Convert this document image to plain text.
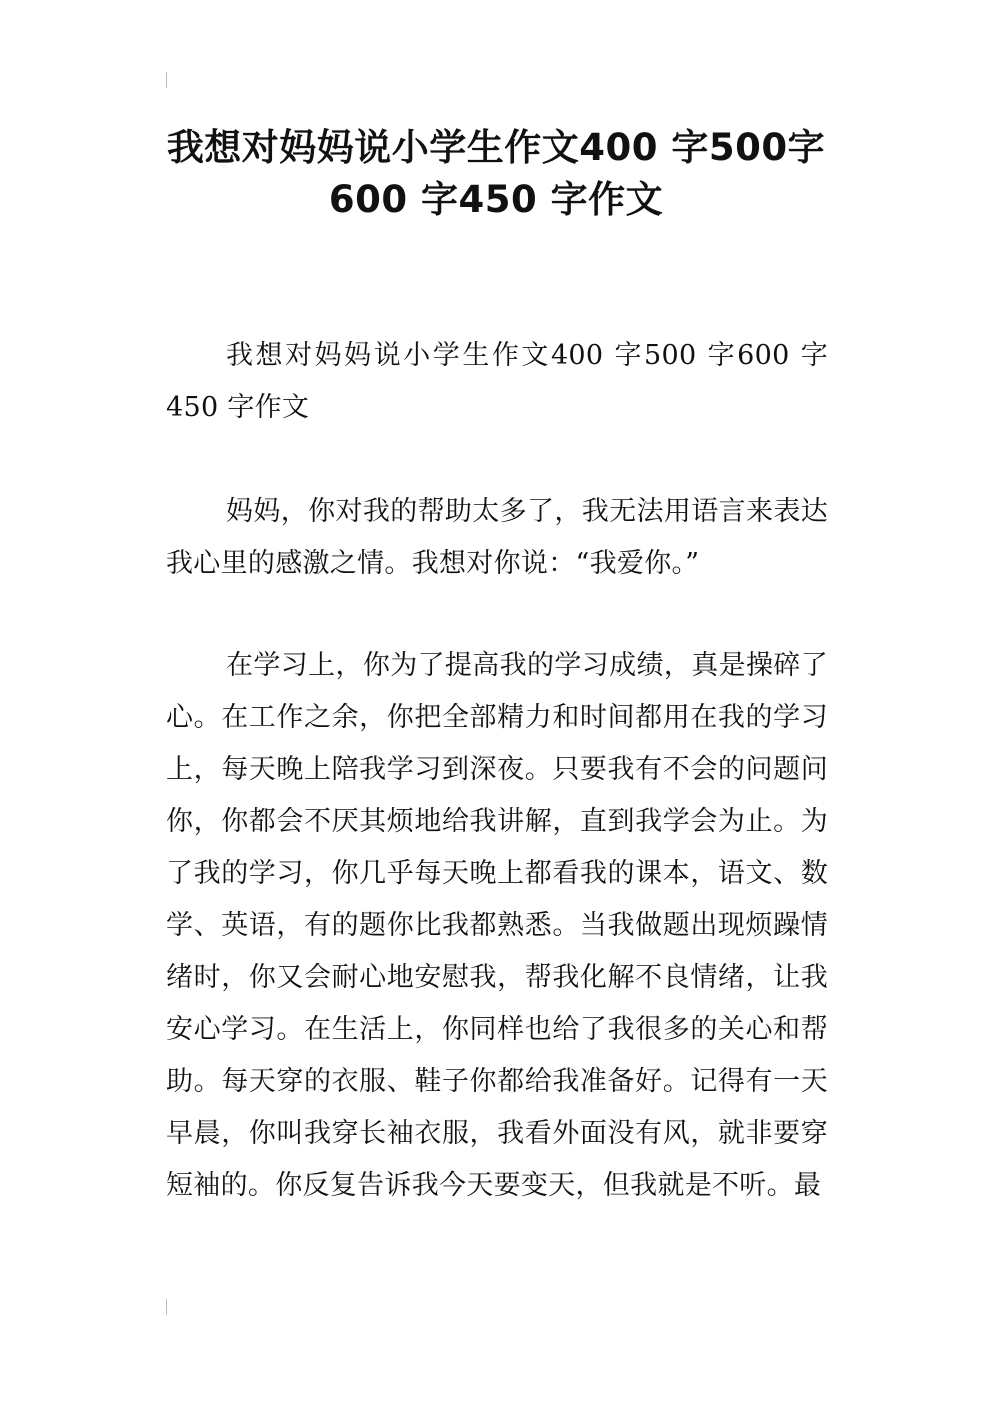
我想对妈妈说小学生作文400 字500字600 字450 字作文

我想对妈妈说小学生作文400 字500 字600 字450 字作文

妈妈，你对我的帮助太多了，我无法用语言来表达我心里的感激之情。我想对你说：“我爱你。”

在学习上，你为了提高我的学习成绩，真是操碎了心。在工作之余，你把全部精力和时间都用在我的学习上，每天晚上陪我学习到深夜。只要我有不会的问题问你，你都会不厌其烦地给我讲解，直到我学会为止。为了我的学习，你几乎每天晚上都看我的课本，语文、数学、英语，有的题你比我都熟悉。当我做题出现烦躁情绪时，你又会耐心地安慰我，帮我化解不良情绪，让我安心学习。在生活上，你同样也给了我很多的关心和帮助。每天穿的衣服、鞋子你都给我准备好。记得有一天早晨，你叫我穿长袖衣服，我看外面没有风，就非要穿短袖的。你反复告诉我今天要变天，但我就是不听。最
